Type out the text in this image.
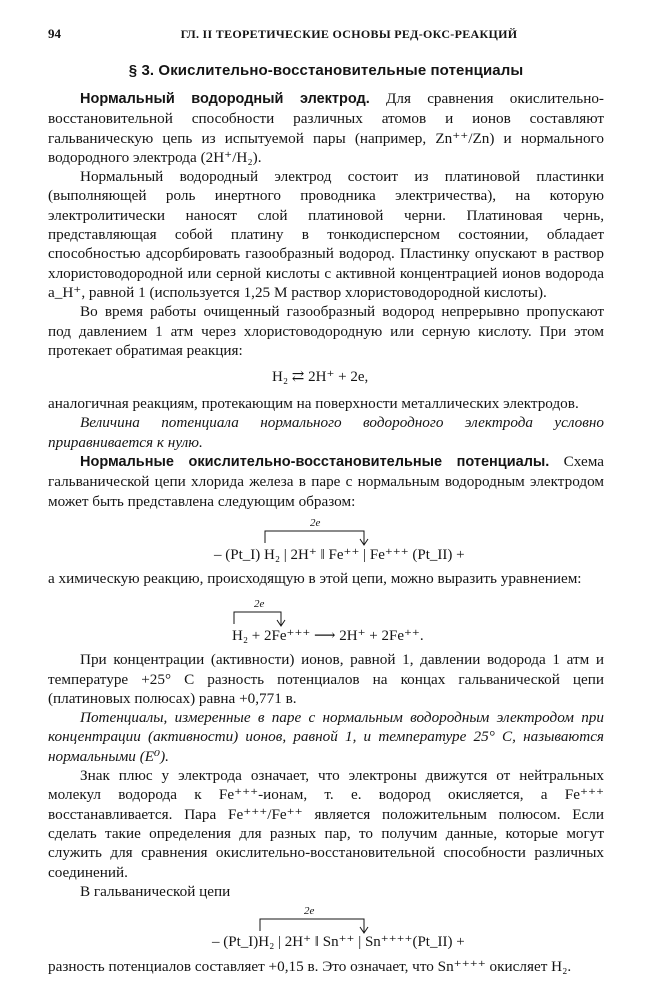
94	ГЛ. II ТЕОРЕТИЧЕСКИЕ ОСНОВЫ РЕД-ОКС-РЕАКЦИЙ
§ 3. Окислительно-восстановительные потенциалы

Нормальный водородный электрод. Для сравнения окислительно-восстановительной способности различных атомов и ионов составляют гальваническую цепь из испытуемой пары (например, Zn⁺⁺/Zn) и нормального водородного электрода (2H⁺/H₂).

Нормальный водородный электрод состоит из платиновой пластинки (выполняющей роль инертного проводника электричества), на которую электролитически наносят слой платиновой черни. Платиновая чернь, представляющая собой платину в тонкодисперсном состоянии, обладает способностью адсорбировать газообразный водород. Пластинку опускают в раствор хлористоводородной или серной кислоты с активной концентрацией ионов водорода a_H⁺, равной 1 (используется 1,25 М раствор хлористоводородной кислоты).

Во время работы очищенный газообразный водород непрерывно пропускают под давлением 1 атм через хлористоводородную или серную кислоту. При этом протекает обратимая реакция:

H₂ ⇄ 2H⁺ + 2e,

аналогичная реакциям, протекающим на поверхности металлических электродов.

Величина потенциала нормального водородного электрода условно приравнивается к нулю.

Нормальные окислительно-восстановительные потенциалы. Схема гальванической цепи хлорида железа в паре с нормальным водородным электродом может быть представлена следующим образом:

2e
– (Pt_I) H₂ | 2H⁺ ‖ Fe⁺⁺ | Fe⁺⁺⁺ (Pt_II) +

а химическую реакцию, происходящую в этой цепи, можно выразить уравнением:

2e
H₂ + 2Fe⁺⁺⁺ ⟶ 2H⁺ + 2Fe⁺⁺.

При концентрации (активности) ионов, равной 1, давлении водорода 1 атм и температуре +25° С разность потенциалов на концах гальванической цепи (платиновых полюсах) равна +0,771 в.

Потенциалы, измеренные в паре с нормальным водородным электродом при концентрации (активности) ионов, равной 1, и температуре 25° С, называются нормальными (E⁰).

Знак плюс у электрода означает, что электроны движутся от нейтральных молекул водорода к Fe⁺⁺⁺-ионам, т. е. водород окисляется, а Fe⁺⁺⁺ восстанавливается. Пара Fe⁺⁺⁺/Fe⁺⁺ является положительным полюсом. Если сделать такие определения для разных пар, то получим данные, которые могут служить для сравнения окислительно-восстановительной способности различных соединений.

В гальванической цепи

2e
– (Pt_I)H₂ | 2H⁺ ‖ Sn⁺⁺ | Sn⁺⁺⁺⁺(Pt_II) +

разность потенциалов составляет +0,15 в. Это означает, что Sn⁺⁺⁺⁺ окисляет H₂.
